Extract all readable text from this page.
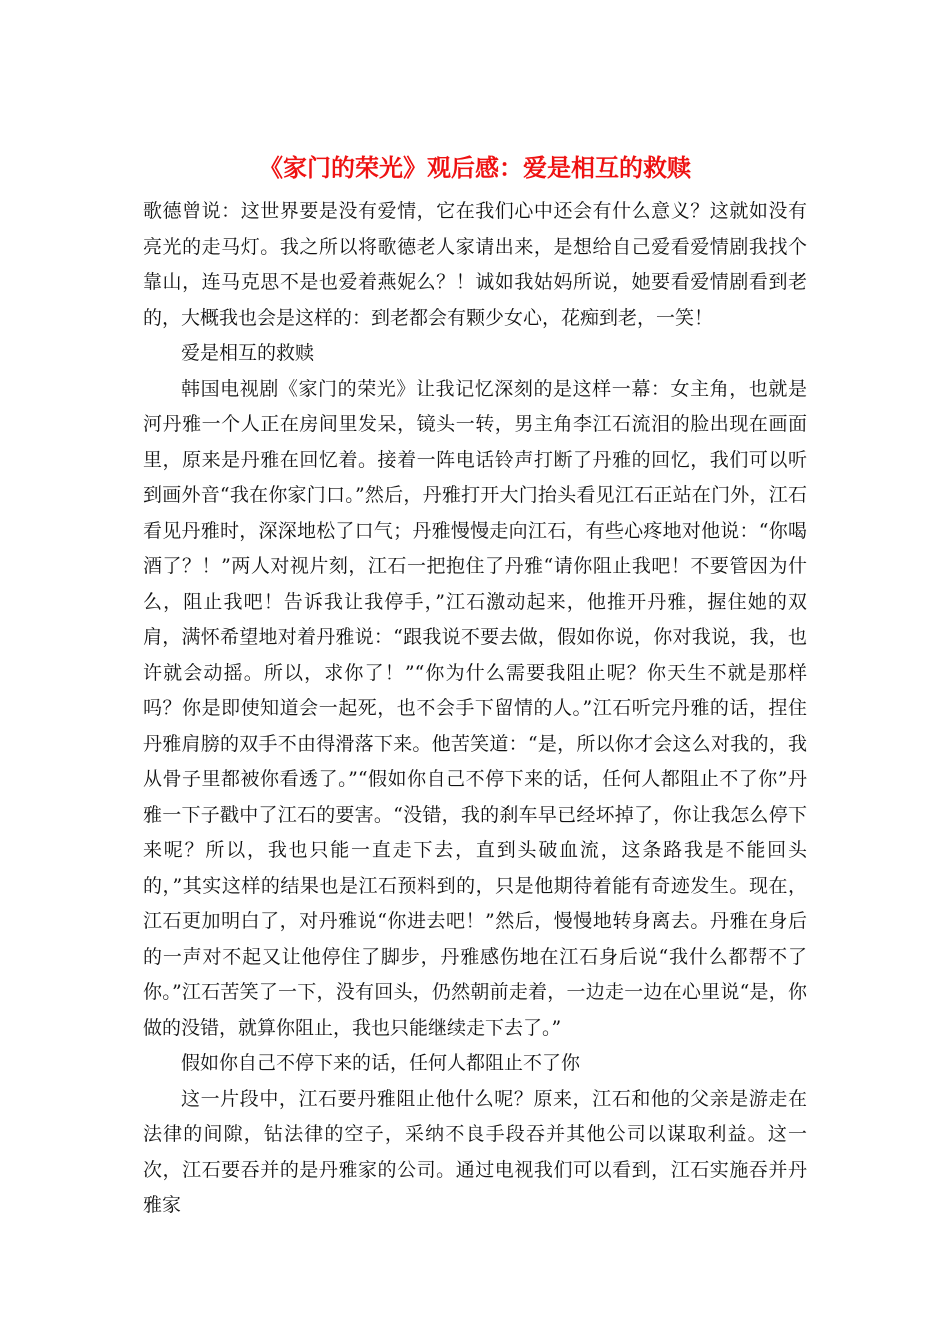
《家门的荣光》观后感：爱是相互的救赎

歌德曾说：这世界要是没有爱情，它在我们心中还会有什么意义？这就如没有亮光的走马灯。我之所以将歌德老人家请出来，是想给自己爱看爱情剧我找个靠山，连马克思不是也爱着燕妮么？！诚如我姑妈所说，她要看爱情剧看到老的，大概我也会是这样的：到老都会有颗少女心，花痴到老，一笑！

爱是相互的救赎

韩国电视剧《家门的荣光》让我记忆深刻的是这样一幕：女主角，也就是河丹雅一个人正在房间里发呆，镜头一转，男主角李江石流泪的脸出现在画面里，原来是丹雅在回忆着。接着一阵电话铃声打断了丹雅的回忆，我们可以听到画外音“我在你家门口。”然后，丹雅打开大门抬头看见江石正站在门外，江石看见丹雅时，深深地松了口气；丹雅慢慢走向江石，有些心疼地对他说：“你喝酒了？！”两人对视片刻，江石一把抱住了丹雅“请你阻止我吧！不要管因为什么，阻止我吧！告诉我让我停手，”江石激动起来，他推开丹雅，握住她的双肩，满怀希望地对着丹雅说：“跟我说不要去做，假如你说，你对我说，我，也许就会动摇。所以，求你了！”“你为什么需要我阻止呢？你天生不就是那样吗？你是即使知道会一起死，也不会手下留情的人。”江石听完丹雅的话，捏住丹雅肩膀的双手不由得滑落下来。他苦笑道：“是，所以你才会这么对我的，我从骨子里都被你看透了。”“假如你自己不停下来的话，任何人都阻止不了你”丹雅一下子戳中了江石的要害。“没错，我的刹车早已经坏掉了，你让我怎么停下来呢？所以，我也只能一直走下去，直到头破血流，这条路我是不能回头的，”其实这样的结果也是江石预料到的，只是他期待着能有奇迹发生。现在，江石更加明白了，对丹雅说“你进去吧！”然后，慢慢地转身离去。丹雅在身后的一声对不起又让他停住了脚步，丹雅感伤地在江石身后说“我什么都帮不了你。”江石苦笑了一下，没有回头，仍然朝前走着，一边走一边在心里说“是，你做的没错，就算你阻止，我也只能继续走下去了。”

假如你自己不停下来的话，任何人都阻止不了你

这一片段中，江石要丹雅阻止他什么呢？原来，江石和他的父亲是游走在法律的间隙，钻法律的空子，采纳不良手段吞并其他公司以谋取利益。这一次，江石要吞并的是丹雅家的公司。通过电视我们可以看到，江石实施吞并丹雅家
